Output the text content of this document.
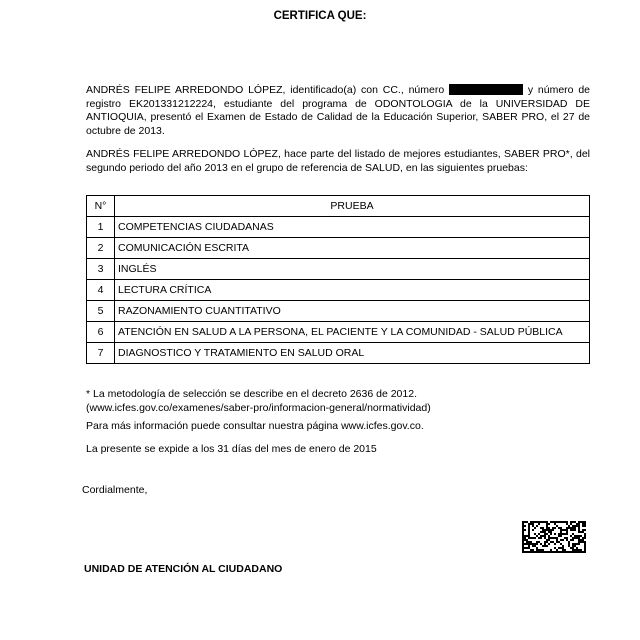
CERTIFICA QUE:
ANDRÉS FELIPE ARREDONDO LÓPEZ, identificado(a) con CC., número	y número de registro EK201331212224, estudiante del programa de ODONTOLOGIA de la UNIVERSIDAD DE ANTIOQUIA, presentó el Examen de Estado de Calidad de la Educación Superior, SABER PRO, el 27 de octubre de 2013.
ANDRÉS FELIPE ARREDONDO LÓPEZ, hace parte del listado de mejores estudiantes, SABER PRO*, del segundo periodo del año 2013 en el grupo de referencia de SALUD, en las siguientes pruebas:
N°	PRUEBA
1	COMPETENCIAS CIUDADANAS
2	COMUNICACIÓN ESCRITA
3	INGLÉS
4	LECTURA CRÍTICA
5	RAZONAMIENTO CUANTITATIVO
6	ATENCIÓN EN SALUD A LA PERSONA, EL PACIENTE Y LA COMUNIDAD - SALUD PÚBLICA
7	DIAGNOSTICO Y TRATAMIENTO EN SALUD ORAL
* La metodología de selección se describe en el decreto 2636 de 2012.
(www.icfes.gov.co/examenes/saber-pro/informacion-general/normatividad)
Para más información puede consultar nuestra página www.icfes.gov.co.
La presente se expide a los 31 días del mes de enero de 2015
Cordialmente,
UNIDAD DE ATENCIÓN AL CIUDADANO
